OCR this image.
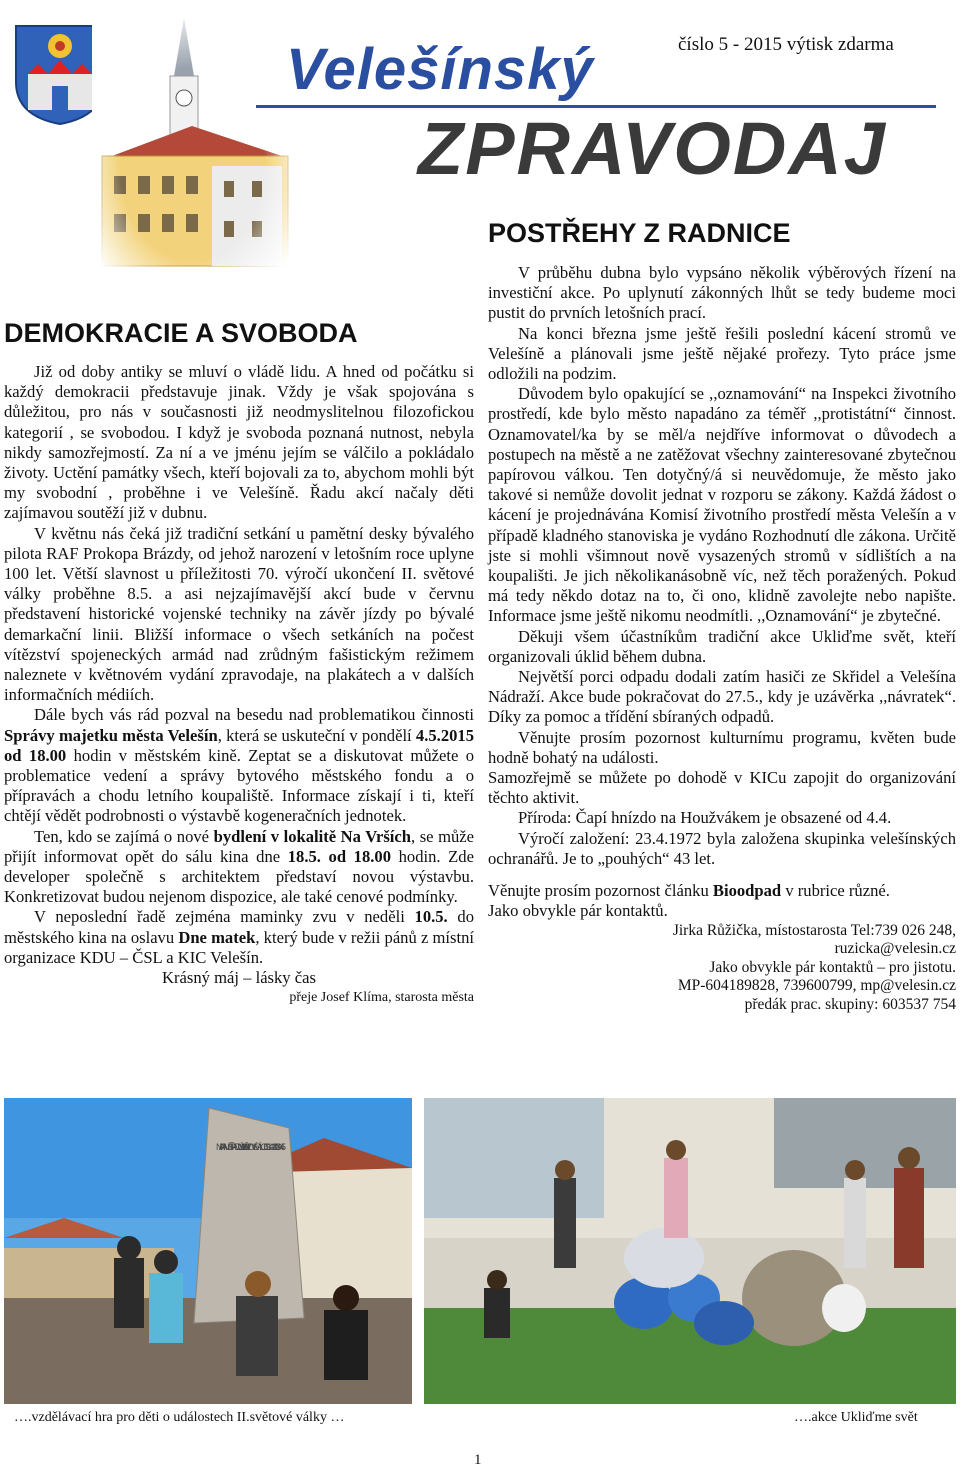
číslo 5 - 2015 výtisk zdarma
Velešínský
ZPRAVODAJ
DEMOKRACIE A SVOBODA
POSTŘEHY Z RADNICE

Již od doby antiky se mluví o vládě lidu. A hned od počátku si každý demokracii představuje jinak. Vždy je však spojována s důležitou, pro nás v současnosti již neodmyslitelnou filozofickou kategorií , se svobodou. I když je svoboda poznaná nutnost, nebyla nikdy samozřejmostí. Za ní a ve jménu jejím se válčilo a pokládalo životy. Uctění památky všech, kteří bojovali za to, abychom mohli být my svobodní , proběhne i ve Velešíně. Řadu akcí načaly děti zajímavou soutěží již v dubnu.

V květnu nás čeká již tradiční setkání u pamětní desky bývalého pilota RAF Prokopa Brázdy, od jehož narození v letošním roce uplyne 100 let. Větší slavnost u příležitosti 70. výročí ukončení II. světové války proběhne 8.5. a asi nejzajímavější akcí bude v červnu představení historické vojenské techniky na závěr jízdy po bývalé demarkační linii. Bližší informace o všech setkáních na počest vítězství spojeneckých armád nad zrůdným fašistickým režimem naleznete v květnovém vydání zpravodaje, na plakátech a v dalších informačních médiích.

Dále bych vás rád pozval na besedu nad problematikou činnosti Správy majetku města Velešín, která se uskuteční v pondělí 4.5.2015 od 18.00 hodin v městském kině. Zeptat se a diskutovat můžete o problematice vedení a správy bytového městského fondu a o přípravách a chodu letního koupaliště. Informace získají i ti, kteří chtějí vědět podrobnosti o výstavbě kogeneračních jednotek.

Ten, kdo se zajímá o nové bydlení v lokalitě Na Vrších, se může přijít informovat opět do sálu kina dne 18.5. od 18.00 hodin. Zde developer společně s architektem představí novou výstavbu. Konkretizovat budou nejenom dispozice, ale také cenové podmínky.

V neposlední řadě zejména maminky zvu v neděli 10.5. do městského kina na oslavu Dne matek, který bude v režii pánů z místní organizace KDU – ČSL a KIC Velešín.

Krásný máj – lásky čas

přeje Josef Klíma, starosta města

V průběhu dubna bylo vypsáno několik výběrových řízení na investiční akce. Po uplynutí zákonných lhůt se tedy budeme moci pustit do prvních letošních prací.

Na konci března jsme ještě řešili poslední kácení stromů ve Velešíně a plánovali jsme ještě nějaké prořezy. Tyto práce jsme odložili na podzim.

Důvodem bylo opakující se ,,oznamování“ na Inspekci životního prostředí, kde bylo město napadáno za téměř ,,protistátní“ činnost. Oznamovatel/ka by se měl/a nejdříve informovat o důvodech a postupech na městě a ne zatěžovat všechny zainteresované zbytečnou papírovou válkou. Ten dotyčný/á si neuvědomuje, že město jako takové si nemůže dovolit jednat v rozporu se zákony. Každá žádost o kácení je projednávána Komisí životního prostředí města Velešín a v případě kladného stanoviska je vydáno Rozhodnutí dle zákona. Určitě jste si mohli všimnout nově vysazených stromů v sídlištích a na koupališti. Je jich několikanásobně víc, než těch poražených. Pokud má tedy někdo dotaz na to, či ono, klidně zavolejte nebo napište. Informace jsme ještě nikomu neodmítli. ,,Oznamování“ je zbytečné.

Děkuji všem účastníkům tradiční akce Ukliďme svět, kteří organizovali úklid během dubna.

Největší porci odpadu dodali zatím hasiči ze Skřidel a Velešína Nádraží. Akce bude pokračovat do 27.5., kdy je uzávěrka ,,návratek“. Díky za pomoc a třídění sbíraných odpadů.

Věnujte prosím pozornost kulturnímu programu, květen bude hodně bohatý na události.

Samozřejmě se můžete po dohodě v KICu zapojit do organizování těchto aktivit.

Příroda: Čapí hnízdo na Houžvákem je obsazené od 4.4.

Výročí založení: 23.4.1972 byla založena skupinka velešínských ochranářů. Je to „pouhých“ 43 let.

Věnujte prosím pozornost článku Bioodpad v rubrice různé.

Jako obvykle pár kontaktů.

Jirka Růžička, místostarosta Tel:739 026 248,

ruzicka@velesin.cz

Jako obvykle pár kontaktů – pro jistotu.

MP-604189828, 739600799, mp@velesin.cz

předák prac. skupiny: 603537 754

NA PAMĚŤ PADLÝCH V I. A II. SVĚTOVÉ VÁLCE 1914–18 1939–45
….vzdělávací hra pro děti o událostech II.světové války …	….akce Ukliďme svět
1
